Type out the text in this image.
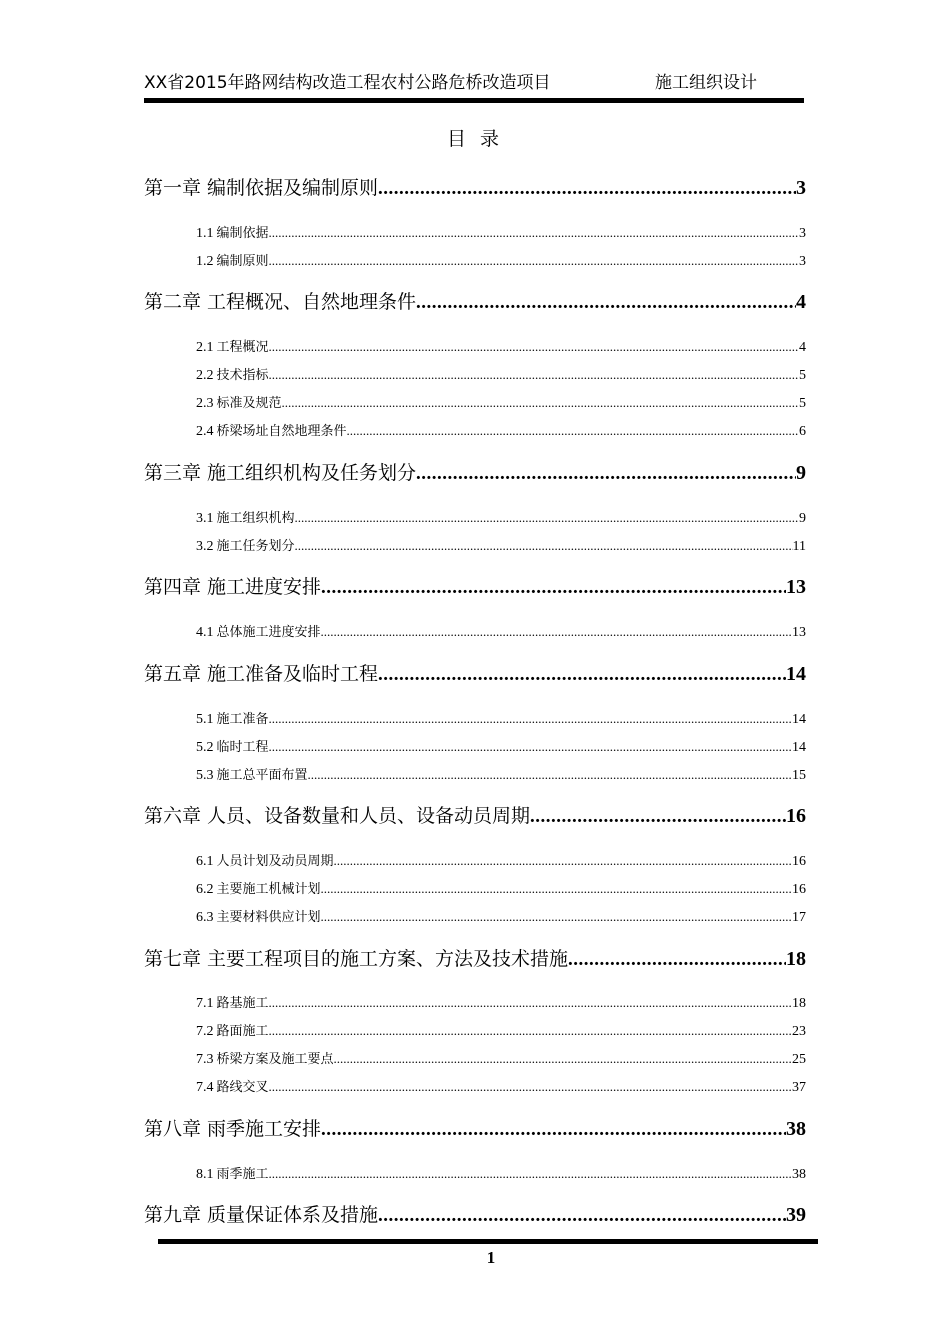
XX省2015年路网结构改造工程农村公路危桥改造项目	施工组织设计
目 录
第一章 编制依据及编制原则 .....	3
1.1 编制依据 .....	3
1.2 编制原则 .....	3
第二章 工程概况、自然地理条件 .....	4
2.1 工程概况 .....	4
2.2 技术指标 .....	5
2.3 标准及规范 .....	5
2.4 桥梁场址自然地理条件 .....	6
第三章 施工组织机构及任务划分 .....	9
3.1 施工组织机构 .....	9
3.2 施工任务划分 .....	11
第四章 施工进度安排 .....	13
4.1 总体施工进度安排 .....	13
第五章 施工准备及临时工程 .....	14
5.1 施工准备 .....	14
5.2 临时工程 .....	14
5.3 施工总平面布置 .....	15
第六章 人员、设备数量和人员、设备动员周期 .....	16
6.1 人员计划及动员周期 .....	16
6.2 主要施工机械计划 .....	16
6.3 主要材料供应计划 .....	17
第七章 主要工程项目的施工方案、方法及技术措施 .....	18
7.1 路基施工 .....	18
7.2 路面施工 .....	23
7.3 桥梁方案及施工要点 .....	25
7.4 路线交叉 .....	37
第八章 雨季施工安排 .....	38
8.1 雨季施工 .....	38
第九章 质量保证体系及措施 .....	39
1
